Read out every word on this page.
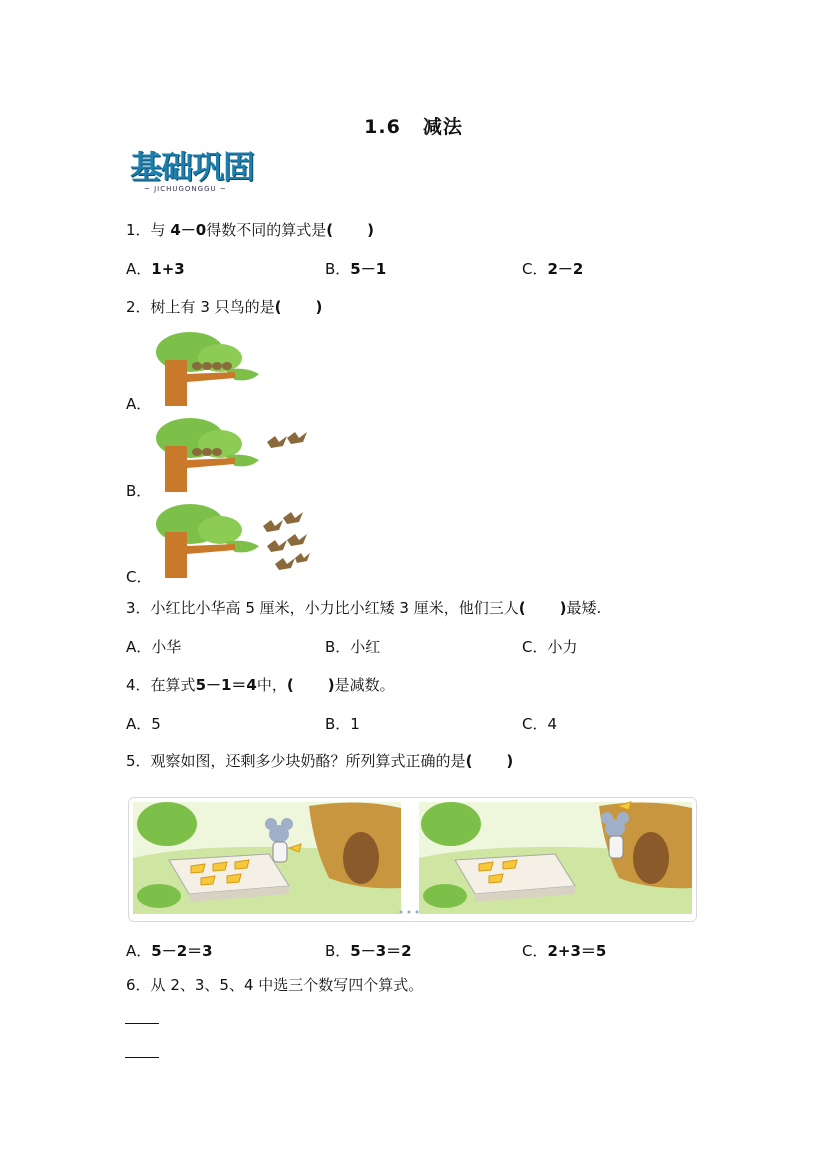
1.6 减法
基础巩固
~ JICHUGONGGU ~
1．与 4－0得数不同的算式是( )
A．1+3	B．5－1	C．2－2
2．树上有 3 只鸟的是( )
A．
B．
C．
3．小红比小华高 5 厘米，小力比小红矮 3 厘米，他们三人( )最矮.
A．小华	B．小红	C．小力
4．在算式5－1＝4中，( )是减数。
A．5	B．1	C．4
5．观察如图，还剩多少块奶酪？所列算式正确的是( )
A．5－2＝3	B．5－3＝2	C．2+3＝5
6．从 2、3、5、4 中选三个数写四个算式。
